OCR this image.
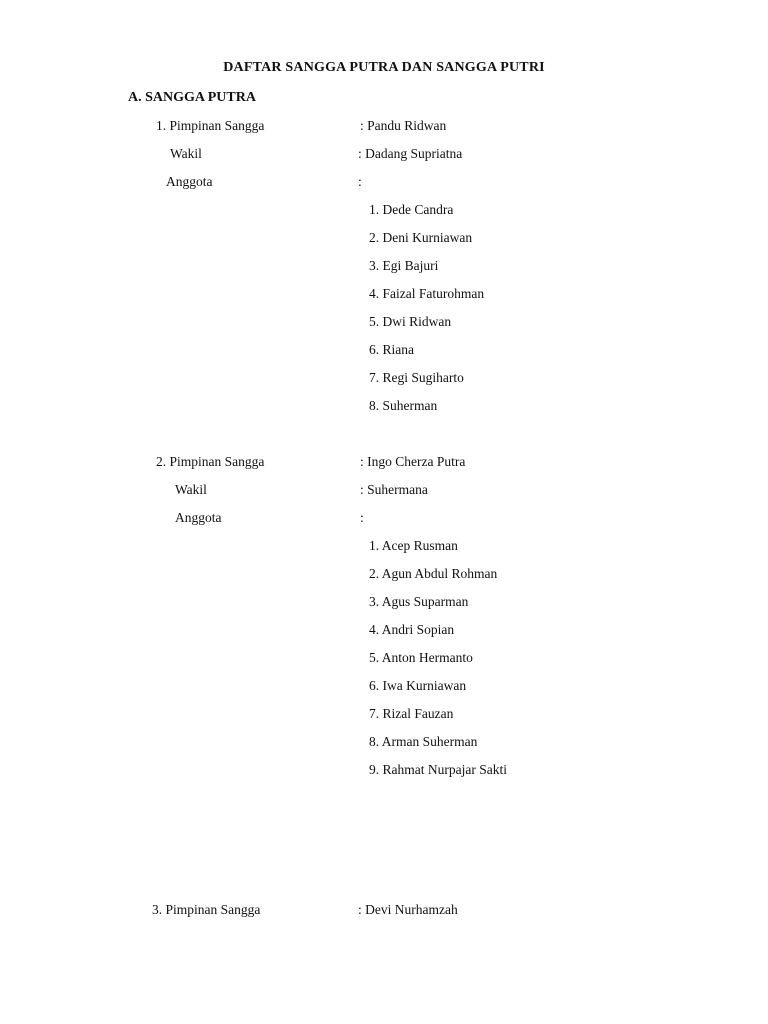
DAFTAR SANGGA PUTRA DAN SANGGA PUTRI
A. SANGGA PUTRA
1. Pimpinan Sangga	: Pandu Ridwan
Wakil	: Dadang Supriatna
Anggota	:
1. Dede Candra
2. Deni Kurniawan
3. Egi Bajuri
4. Faizal Faturohman
5. Dwi Ridwan
6. Riana
7. Regi Sugiharto
8. Suherman
2. Pimpinan Sangga	: Ingo Cherza Putra
Wakil	: Suhermana
Anggota	:
1. Acep Rusman
2. Agun Abdul Rohman
3. Agus Suparman
4. Andri Sopian
5. Anton Hermanto
6. Iwa Kurniawan
7. Rizal Fauzan
8. Arman Suherman
9. Rahmat Nurpajar Sakti
3. Pimpinan Sangga	: Devi Nurhamzah
